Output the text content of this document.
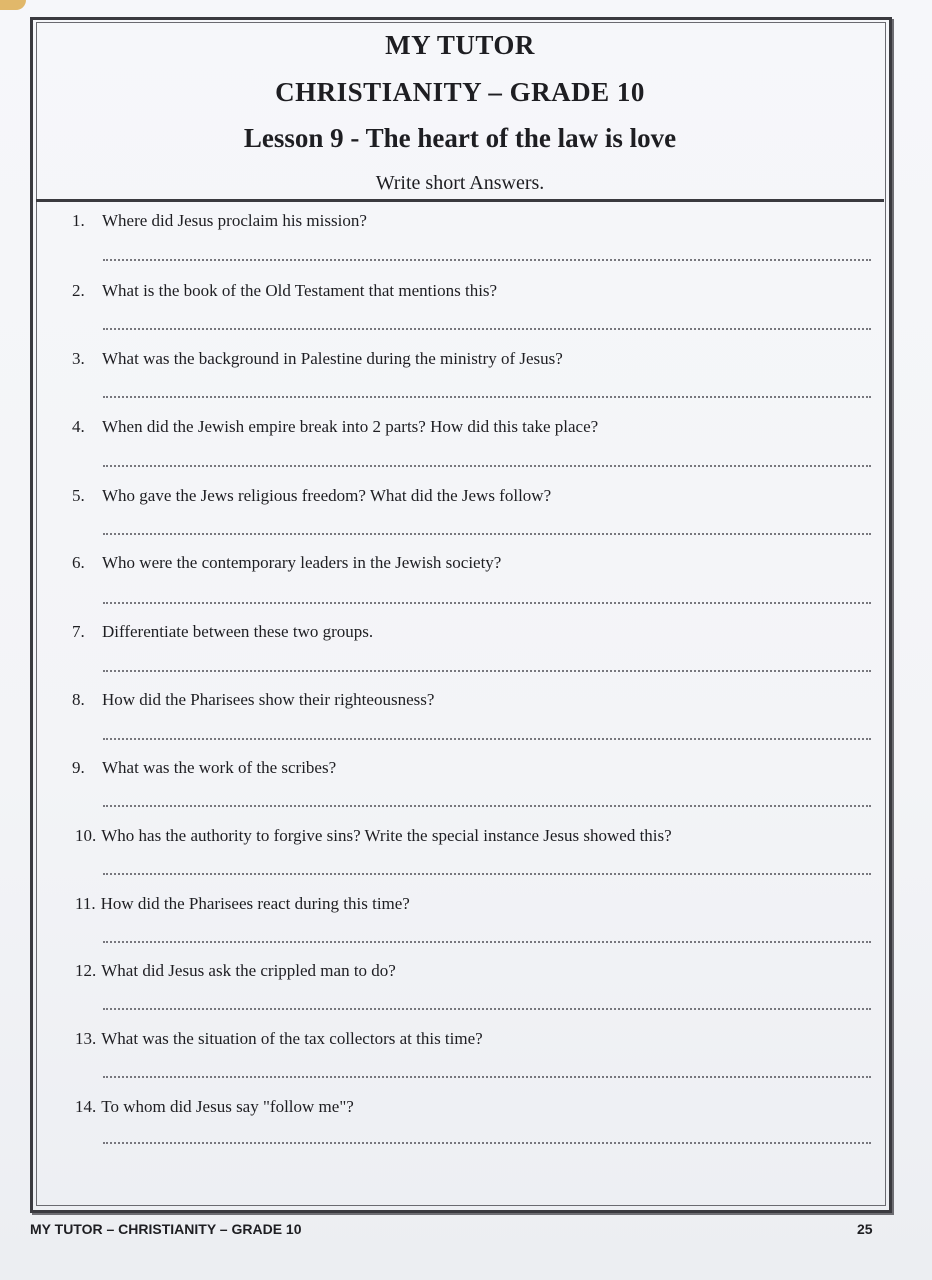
MY TUTOR
CHRISTIANITY – GRADE 10
Lesson 9 - The heart of the law is love
Write short Answers.
1. Where did Jesus proclaim his mission?
2. What is the book of the Old Testament that mentions this?
3. What was the background in Palestine during the ministry of Jesus?
4. When did the Jewish empire break into 2 parts? How did this take place?
5. Who gave the Jews religious freedom? What did the Jews follow?
6. Who were the contemporary leaders in the Jewish society?
7. Differentiate between these two groups.
8. How did the Pharisees show their righteousness?
9. What was the work of the scribes?
10. Who has the authority to forgive sins? Write the special instance Jesus showed this?
11. How did the Pharisees react during this time?
12. What did Jesus ask the crippled man to do?
13. What was the situation of the tax collectors at this time?
14. To whom did Jesus say "follow me"?
MY TUTOR – CHRISTIANITY – GRADE 10	25
